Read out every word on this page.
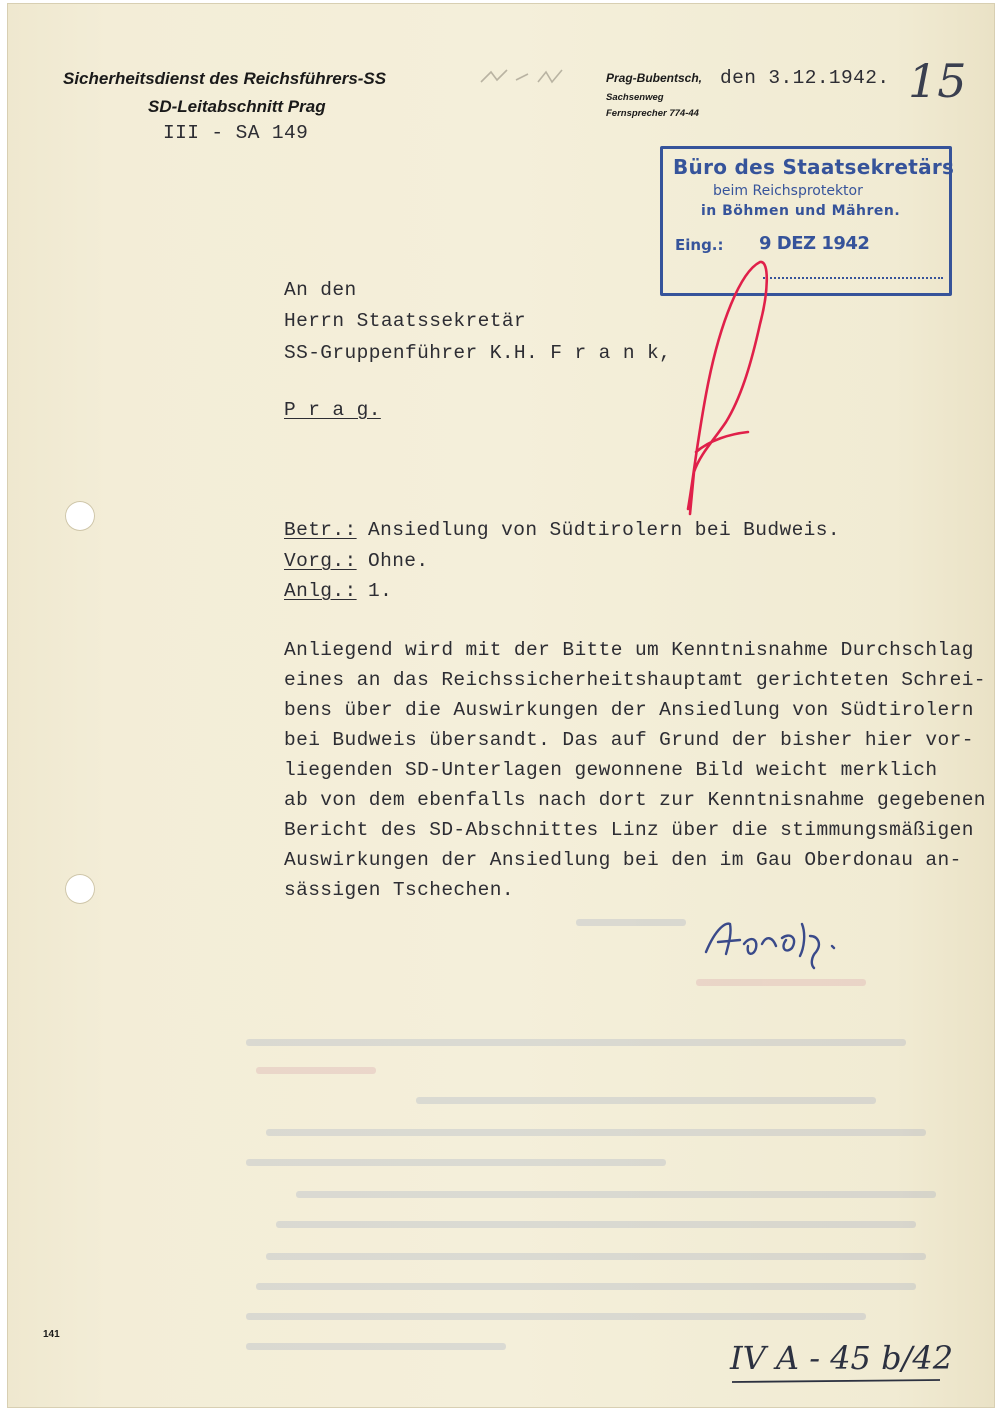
Sicherheitsdienst des Reichsführers-SS
SD-Leitabschnitt Prag
III - SA 149
Prag-Bubentsch, den 3.12.1942.
Sachsenweg
Fernsprecher 774-44
15
Büro des Staatsekretärs
beim Reichsprotektor
in Böhmen und Mähren.
Eing.: 9 DEZ 1942
An den
Herrn Staatssekretär
SS-Gruppenführer K.H. F r a n k,
P r a g.
Betr.: Ansiedlung von Südtirolern bei Budweis.
Vorg.: Ohne.
Anlg.: 1.
Anliegend wird mit der Bitte um Kenntnisnahme Durchschlag
eines an das Reichssicherheitshauptamt gerichteten Schrei-
bens über die Auswirkungen der Ansiedlung von Südtirolern
bei Budweis übersandt. Das auf Grund der bisher hier vor-
liegenden SD-Unterlagen gewonnene Bild weicht merklich
ab von dem ebenfalls nach dort zur Kenntnisnahme gegebenen
Bericht des SD-Abschnittes Linz über die stimmungsmäßigen
Auswirkungen der Ansiedlung bei den im Gau Oberdonau an-
sässigen Tschechen.
141
IV A - 45 b/42
